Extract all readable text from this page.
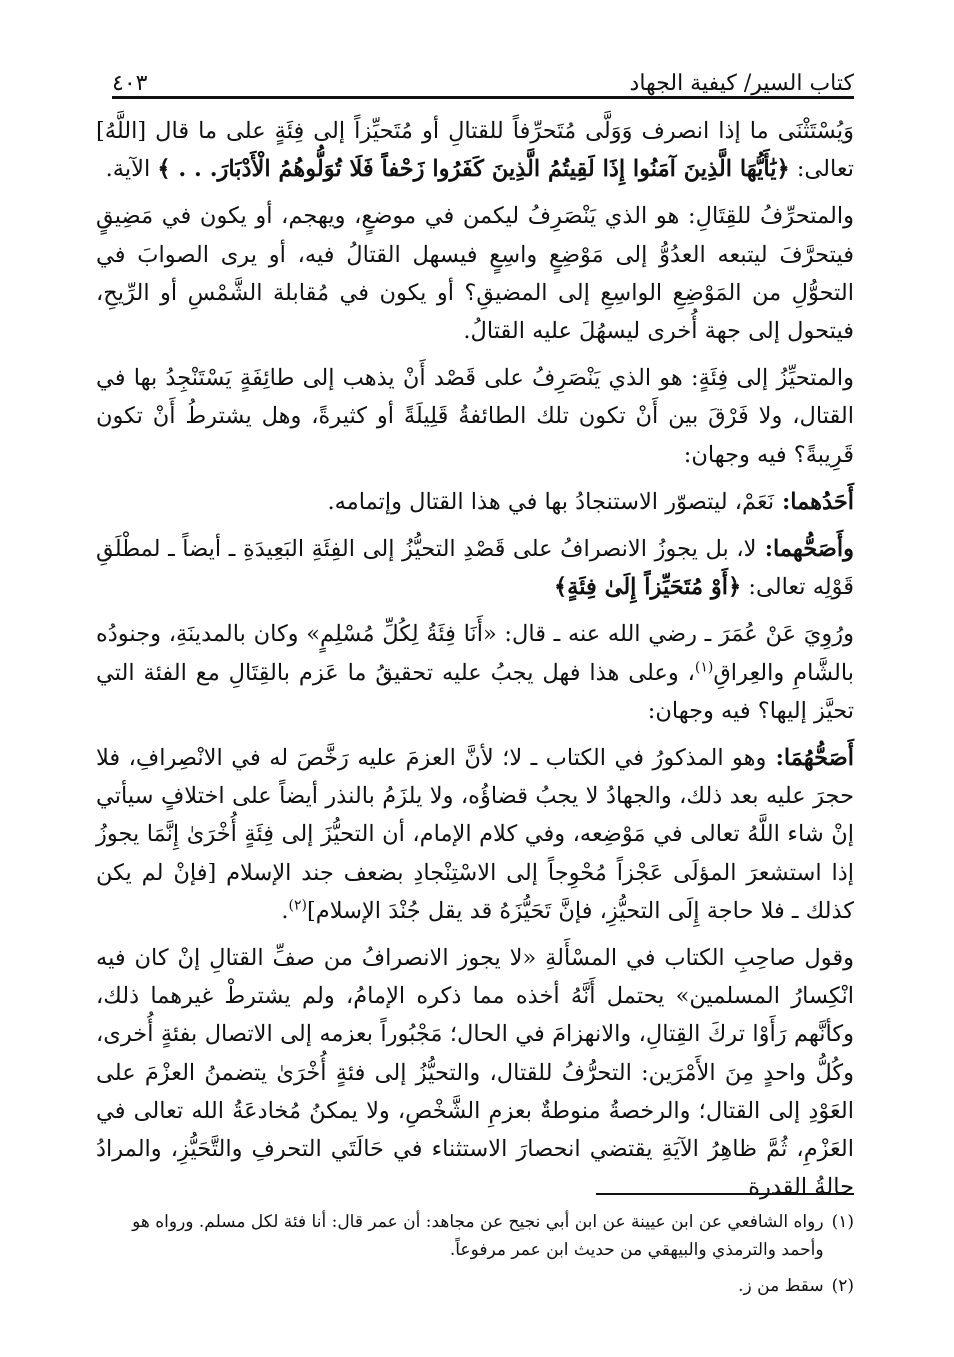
كتاب السير/ كيفية الجهاد
٤٠٣

وَيُسْتَثْنَى ما إذا انصرف وَوَلَّى مُتَحرِّفاً للقتالِ أو مُتَحيِّزاً إلى فِئَةٍ على ما قال [اللَّهُ] تعالى: ﴿يَٰأَيُّهَا الَّذِينَ آمَنُوا إِذَا لَقِيتُمُ الَّذِينَ كَفَرُوا زَحْفاً فَلَا تُوَلُّوهُمُ الْأَدْبَارَ. . . ﴾ الآية.

والمتحرِّفُ للقِتَالِ: هو الذي يَنْصَرِفُ ليكمن في موضعٍ، ويهجم، أو يكون في مَضِيقٍ فيتحرَّفَ ليتبعه العدُوُّ إلى مَوْضِعٍ واسِعٍ فيسهل القتالُ فيه، أو يرى الصوابَ في التحوُّلِ من المَوْضِعِ الواسِعِ إلى المضيقِ؟ أو يكون في مُقابلة الشَّمْسِ أو الرِّيحِ، فيتحول إلى جهة أُخرى ليسهُلَ عليه القتالُ.

والمتحيِّزُ إلى فِئَةٍ: هو الذي يَنْصَرِفُ على قَصْد أَنْ يذهب إلى طائِفَةٍ يَسْتَنْجِدُ بها في القتال، ولا فَرْقَ بين أَنْ تكون تلك الطائفةُ قَلِيلَةً أو كثيرةً، وهل يشترطُ أَنْ تكون قَرِيبةً؟ فيه وجهان:

أَحَدُهما: نَعَمْ، ليتصوّر الاستنجادُ بها في هذا القتال وإتمامه.

وأَصَحُّهما: لا، بل يجوزُ الانصرافُ على قَصْدِ التحيُّزُ إلى الفِئَةِ البَعِيدَةِ ـ أيضاً ـ لمطْلَقِ قَوْلِه تعالى: ﴿أَوْ مُتَحَيِّزاً إِلَىٰ فِئَةٍ﴾

ورُوِيَ عَنْ عُمَرَ ـ رضي الله عنه ـ قال: «أَنَا فِئَةُ لِكُلِّ مُسْلِمٍ» وكان بالمدينَةِ، وجنودُه بالشَّامِ والعِراقِ$^{(١)}$، وعلى هذا فهل يجبُ عليه تحقيقُ ما عَزم بالقِتَالِ مع الفئة التي تحيَّز إليها؟ فيه وجهان:

أَصَحُّهُمَا: وهو المذكورُ في الكتاب ـ لا؛ لأنَّ العزمَ عليه رَخَّصَ له في الانْصِرافِ، فلا حجرَ عليه بعد ذلك، والجهادُ لا يجبُ قضاؤُه، ولا يلزَمُ بالنذر أيضاً على اختلافٍ سيأتي إنْ شاء اللَّهُ تعالى في مَوْضِعه، وفي كلام الإمام، أن التحيُّزَ إلى فِئَةٍ أُخْرَىٰ إِنَّمَا يجوزُ إذا استشعرَ المؤلَى عَجْزاً مُحْوِجاً إلى الاسْتِنْجادِ بضعف جند الإسلام [فإنْ لم يكن كذلك ـ فلا حاجة إِلَى التحيُّزِ، فإنَّ تَحَيُّزَهُ قد يقل جُنْدَ الإسلام]$^{(٢)}$.

وقول صاحِبِ الكتاب في المسْأَلةِ «لا يجوز الانصرافُ من صفِّ القتالِ إنْ كان فيه انْكِسارُ المسلمين» يحتمل أَنَّهُ أخذه مما ذكره الإمامُ، ولم يشترطْ غيرهما ذلك، وكأنَّهم رَأَوْا تركَ القِتالِ، والانهزامَ في الحال؛ مَجْبُوراً بعزمه إلى الاتصال بفئةٍ أُخرى، وكُلُّ واحدٍ مِنَ الأَمْرَين: التحرُّفُ للقتال، والتحيُّزُ إلى فئةٍ أُخْرَىٰ يتضمنُ العزْمَ على العَوْدِ إلى القتال؛ والرخصةُ منوطةٌ بعزمِ الشَّخْصِ، ولا يمكنُ مُخادعَةُ الله تعالى في العَزْمِ، ثُمَّ ظاهِرُ الآيَةِ يقتضي انحصارَ الاستثناء في حَالَتَي التحرفِ والتَّحَيُّزِ، والمرادُ حالةُ القدرة

(١)
رواه الشافعي عن ابن عيينة عن ابن أبي نجيح عن مجاهد: أن عمر قال: أنا فئة لكل مسلم. ورواه هو وأحمد والترمذي والبيهقي من حديث ابن عمر مرفوعاً.
(٢)
سقط من ز.
